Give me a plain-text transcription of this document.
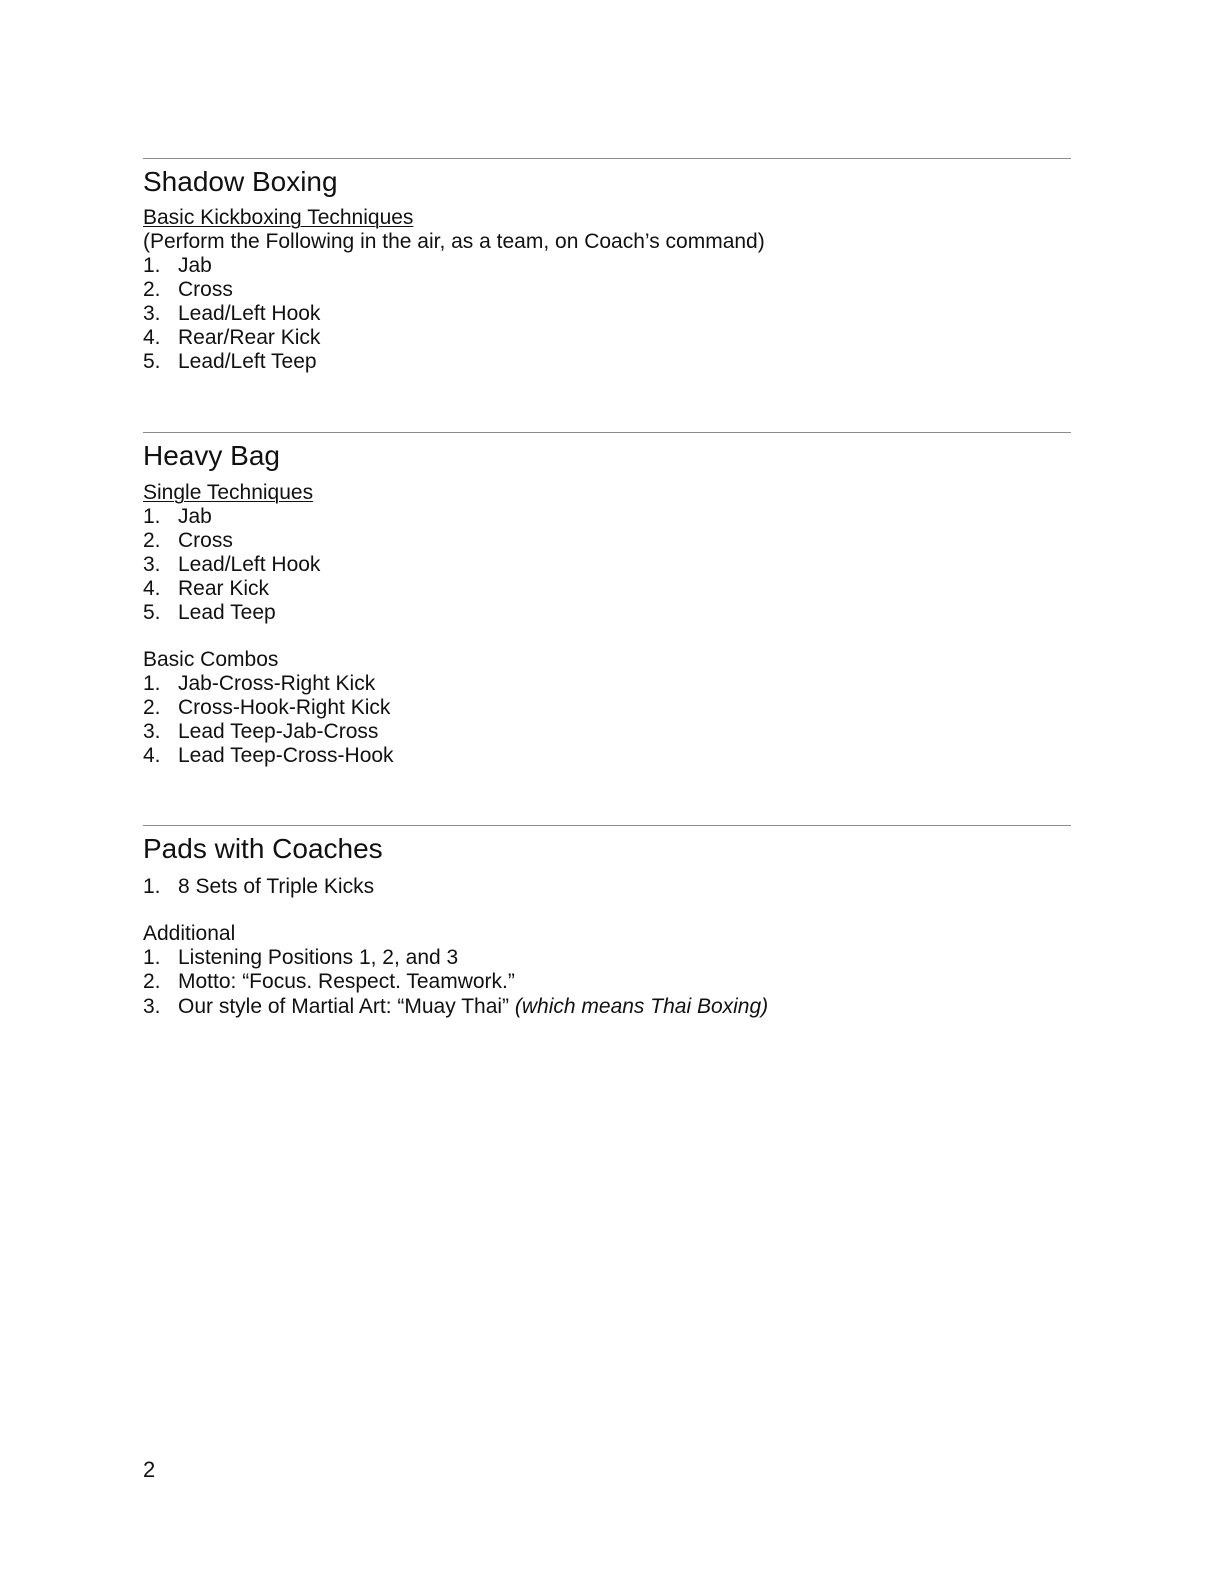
Shadow Boxing
Basic Kickboxing Techniques
(Perform the Following in the air, as a team, on Coach’s command)
1. Jab
2. Cross
3. Lead/Left Hook
4. Rear/Rear Kick
5. Lead/Left Teep
Heavy Bag
Single Techniques
1. Jab
2. Cross
3. Lead/Left Hook
4. Rear Kick
5. Lead Teep
Basic Combos
1. Jab-Cross-Right Kick
2. Cross-Hook-Right Kick
3. Lead Teep-Jab-Cross
4. Lead Teep-Cross-Hook
Pads with Coaches
1. 8 Sets of Triple Kicks
Additional
1. Listening Positions 1, 2, and 3
2. Motto: “Focus. Respect. Teamwork.”
3. Our style of Martial Art: “Muay Thai” (which means Thai Boxing)
2
